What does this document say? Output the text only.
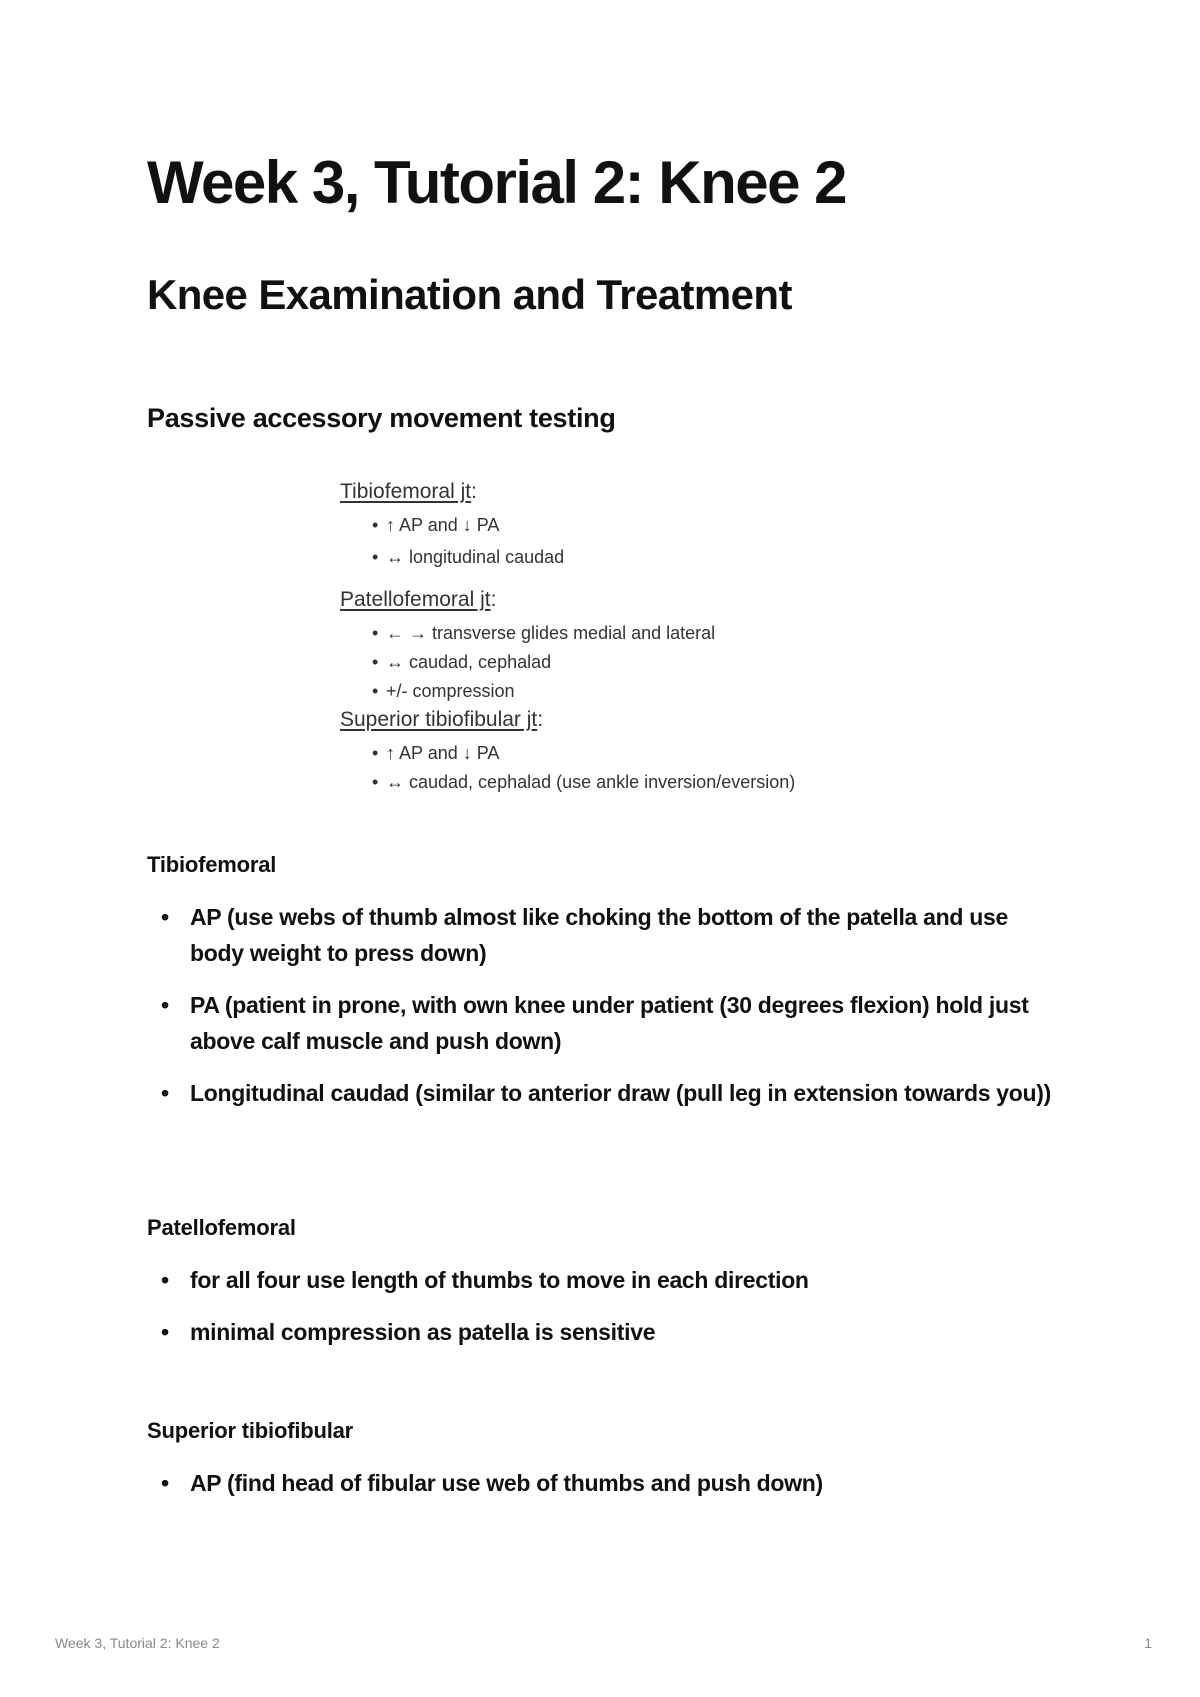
Week 3, Tutorial 2: Knee 2
Knee Examination and Treatment
Passive accessory movement testing

Tibiofemoral jt:

• ↑ AP and ↓ PA

• ↔ longitudinal caudad

Patellofemoral jt:

• ← → transverse glides medial and lateral

• ↔ caudad, cephalad

• +/- compression

Superior tibiofibular jt:

• ↑ AP and ↓ PA

• ↔ caudad, cephalad (use ankle inversion/eversion)

Tibiofemoral
• AP (use webs of thumb almost like choking the bottom of the patella and use body weight to press down)
• PA (patient in prone, with own knee under patient (30 degrees flexion) hold just above calf muscle and push down)
• Longitudinal caudad (similar to anterior draw (pull leg in extension towards you))
Patellofemoral
• for all four use length of thumbs to move in each direction
• minimal compression as patella is sensitive
Superior tibiofibular
• AP (find head of fibular use web of thumbs and push down)

Week 3, Tutorial 2: Knee 2	1
